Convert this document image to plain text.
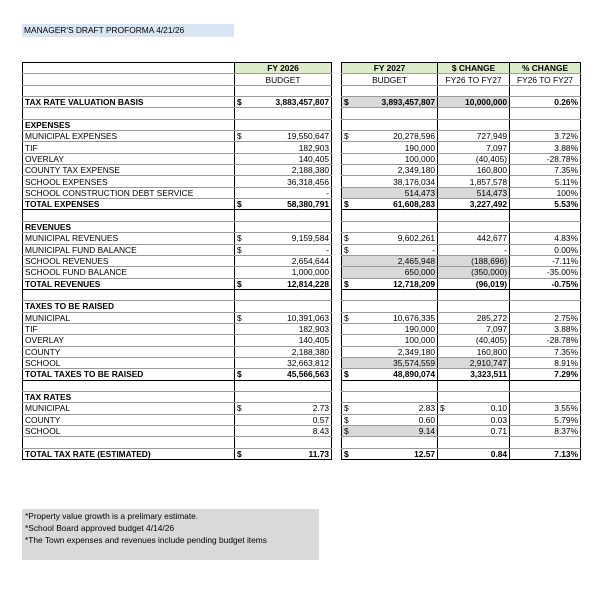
MANAGER'S DRAFT PROFORMA 4/21/26
	FY 2026			FY 2027		$ CHANGE		% CHANGE
	BUDGET			BUDGET		FY26 TO FY27		FY26 TO FY27

TAX RATE VALUATION BASIS	$	3,883,457,807		$	3,893,457,807		10,000,000	0.26%

EXPENSES								
MUNICIPAL EXPENSES	$	19,550,647		$	20,278,596		727,949	3.72%
TIF		182,903			190,000		7,097	3.88%
OVERLAY		140,405			100,000		(40,405)	-28.78%
COUNTY TAX EXPENSE		2,188,380			2,349,180		160,800	7.35%
SCHOOL EXPENSES		36,318,456			38,176,034		1,857,578	5.11%
SCHOOL CONSTRUCTION DEBT SERVICE		-			514,473		514,473	100%
TOTAL EXPENSES	$	58,380,791		$	61,608,283		3,227,492	5.53%

REVENUES								
MUNICIPAL REVENUES	$	9,159,584		$	9,602,261		442,677	4.83%
MUNICIPAL FUND BALANCE	$	-		$	-		-	0.00%
SCHOOL REVENUES		2,654,644			2,465,948		(188,696)	-7.11%
SCHOOL FUND BALANCE		1,000,000			650,000		(350,000)	-35.00%
TOTAL REVENUES	$	12,814,228		$	12,718,209		(96,019)	-0.75%

TAXES TO BE RAISED								
MUNICIPAL	$	10,391,063		$	10,676,335		285,272	2.75%
TIF		182,903			190,000		7,097	3.88%
OVERLAY		140,405			100,000		(40,405)	-28.78%
COUNTY		2,188,380			2,349,180		160,800	7.35%
SCHOOL		32,663,812			35,574,559		2,910,747	8.91%
TOTAL TAXES TO BE RAISED	$	45,566,563		$	48,890,074		3,323,511	7.29%

TAX RATES								
MUNICIPAL	$	2.73		$	2.83	$	0.10	3.55%
COUNTY		0.57		$	0.60		0.03	5.79%
SCHOOL		8.43		$	9.14		0.71	8.37%

TOTAL TAX RATE (ESTIMATED)	$	11.73		$	12.57		0.84	7.13%
*Property value growth is a prelimary estimate.
*School Board approved budget 4/14/26
*The Town expenses and revenues include pending budget items
